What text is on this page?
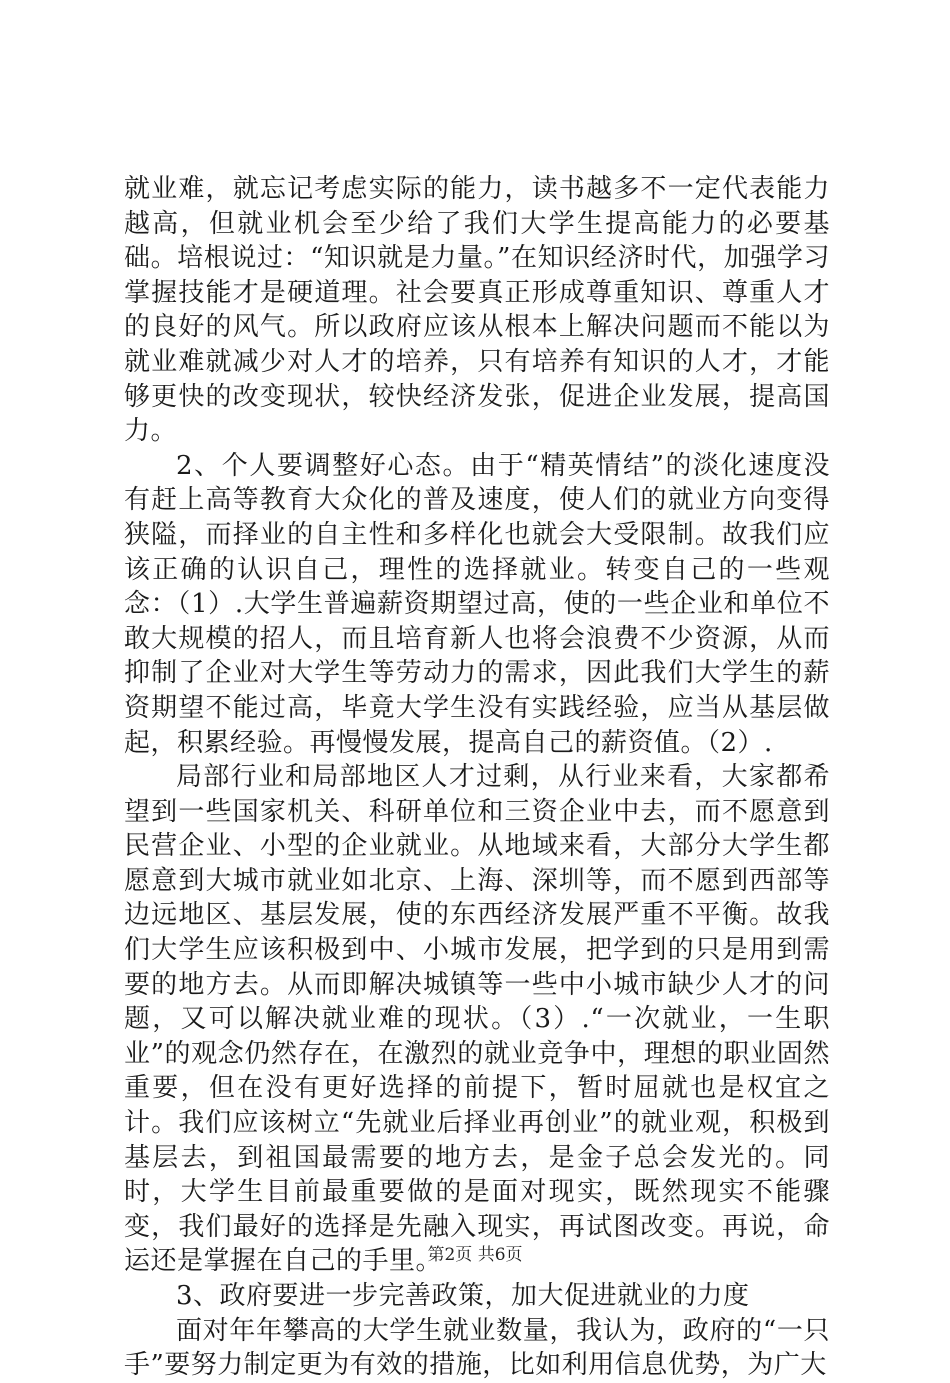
就业难，就忘记考虑实际的能力，读书越多不一定代表能力越高，但就业机会至少给了我们大学生提高能力的必要基础。培根说过：“知识就是力量。”在知识经济时代，加强学习掌握技能才是硬道理。社会要真正形成尊重知识、尊重人才的良好的风气。所以政府应该从根本上解决问题而不能以为就业难就减少对人才的培养，只有培养有知识的人才，才能够更快的改变现状，较快经济发张，促进企业发展，提高国力。

2、个人要调整好心态。由于“精英情结”的淡化速度没有赶上高等教育大众化的普及速度，使人们的就业方向变得狭隘，而择业的自主性和多样化也就会大受限制。故我们应该正确的认识自己，理性的选择就业。转变自己的一些观念：（1）.大学生普遍薪资期望过高，使的一些企业和单位不敢大规模的招人，而且培育新人也将会浪费不少资源，从而抑制了企业对大学生等劳动力的需求，因此我们大学生的薪资期望不能过高，毕竟大学生没有实践经验，应当从基层做起，积累经验。再慢慢发展，提高自己的薪资值。（2）.

局部行业和局部地区人才过剩，从行业来看，大家都希望到一些国家机关、科研单位和三资企业中去，而不愿意到民营企业、小型的企业就业。从地域来看，大部分大学生都愿意到大城市就业如北京、上海、深圳等，而不愿到西部等边远地区、基层发展，使的东西经济发展严重不平衡。故我们大学生应该积极到中、小城市发展，把学到的只是用到需要的地方去。从而即解决城镇等一些中小城市缺少人才的问题，又可以解决就业难的现状。（3）.“一次就业，一生职业”的观念仍然存在，在激烈的就业竞争中，理想的职业固然重要，但在没有更好选择的前提下，暂时屈就也是权宜之计。我们应该树立“先就业后择业再创业”的就业观，积极到基层去，到祖国最需要的地方去，是金子总会发光的。同时，大学生目前最重要做的是面对现实，既然现实不能骤变，我们最好的选择是先融入现实，再试图改变。再说，命运还是掌握在自己的手里。

3、政府要进一步完善政策，加大促进就业的力度

面对年年攀高的大学生就业数量，我认为，政府的“一只手”要努力制定更为有效的措施，比如利用信息优势，为广大

第2页 共6页
